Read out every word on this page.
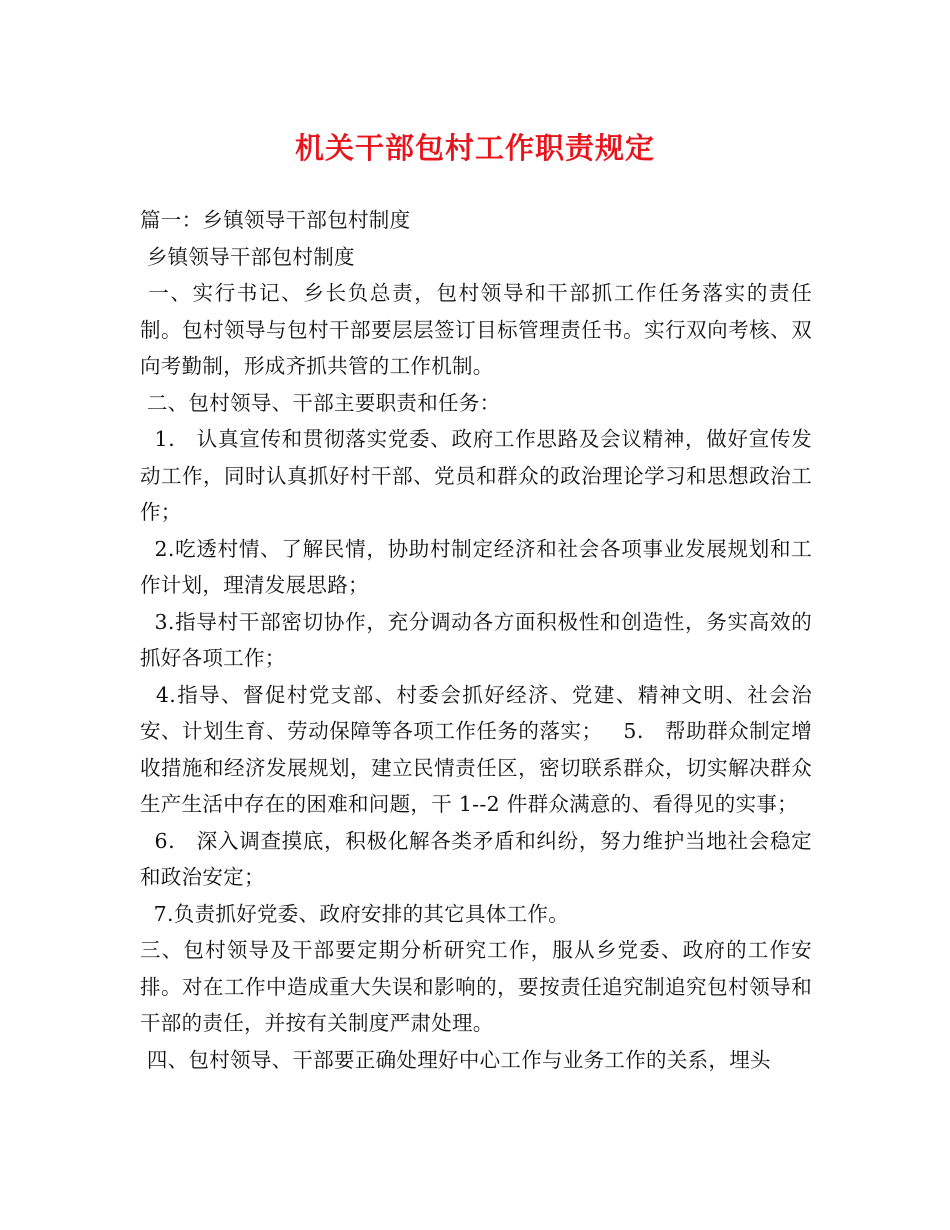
机关干部包村工作职责规定

篇一：乡镇领导干部包村制度

乡镇领导干部包村制度

一、实行书记、乡长负总责，包村领导和干部抓工作任务落实的责任制。包村领导与包村干部要层层签订目标管理责任书。实行双向考核、双向考勤制，形成齐抓共管的工作机制。

二、包村领导、干部主要职责和任务：

1． 认真宣传和贯彻落实党委、政府工作思路及会议精神，做好宣传发动工作，同时认真抓好村干部、党员和群众的政治理论学习和思想政治工作；

2.吃透村情、了解民情，协助村制定经济和社会各项事业发展规划和工作计划，理清发展思路；

3.指导村干部密切协作，充分调动各方面积极性和创造性，务实高效的抓好各项工作；

4.指导、督促村党支部、村委会抓好经济、党建、精神文明、社会治安、计划生育、劳动保障等各项工作任务的落实；   5． 帮助群众制定增收措施和经济发展规划，建立民情责任区，密切联系群众，切实解决群众生产生活中存在的困难和问题，干 1--2 件群众满意的、看得见的实事；

6． 深入调查摸底，积极化解各类矛盾和纠纷，努力维护当地社会稳定和政治安定；

7.负责抓好党委、政府安排的其它具体工作。

三、包村领导及干部要定期分析研究工作，服从乡党委、政府的工作安排。对在工作中造成重大失误和影响的，要按责任追究制追究包村领导和干部的责任，并按有关制度严肃处理。

四、包村领导、干部要正确处理好中心工作与业务工作的关系，埋头
